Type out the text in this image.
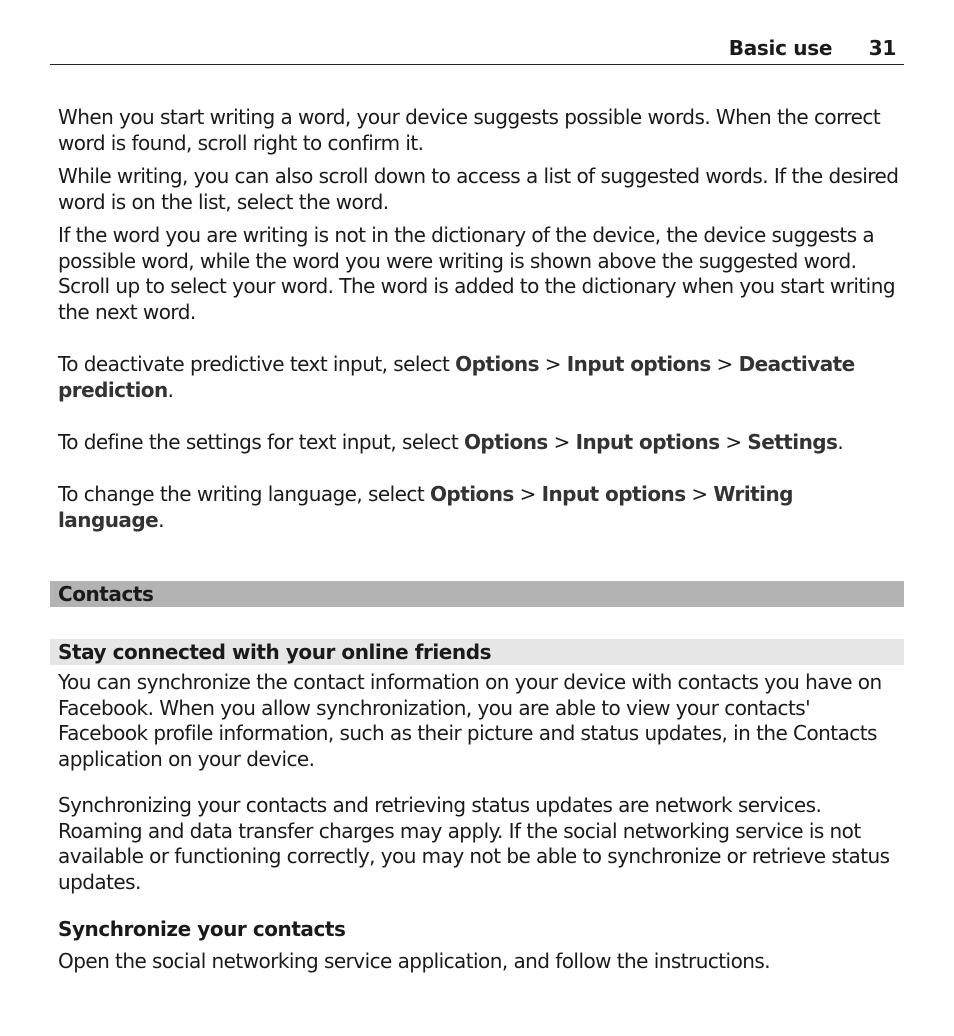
Basic use 31

When you start writing a word, your device suggests possible words. When the correct word is found, scroll right to confirm it.

While writing, you can also scroll down to access a list of suggested words. If the desired word is on the list, select the word.

If the word you are writing is not in the dictionary of the device, the device suggests a possible word, while the word you were writing is shown above the suggested word. Scroll up to select your word. The word is added to the dictionary when you start writing the next word.

To deactivate predictive text input, select Options > Input options > Deactivate prediction.

To define the settings for text input, select Options > Input options > Settings.

To change the writing language, select Options > Input options > Writing language.

Contacts
Stay connected with your online friends

You can synchronize the contact information on your device with contacts you have on Facebook. When you allow synchronization, you are able to view your contacts' Facebook profile information, such as their picture and status updates, in the Contacts application on your device.

Synchronizing your contacts and retrieving status updates are network services. Roaming and data transfer charges may apply. If the social networking service is not available or functioning correctly, you may not be able to synchronize or retrieve status updates.

Synchronize your contacts

Open the social networking service application, and follow the instructions.
